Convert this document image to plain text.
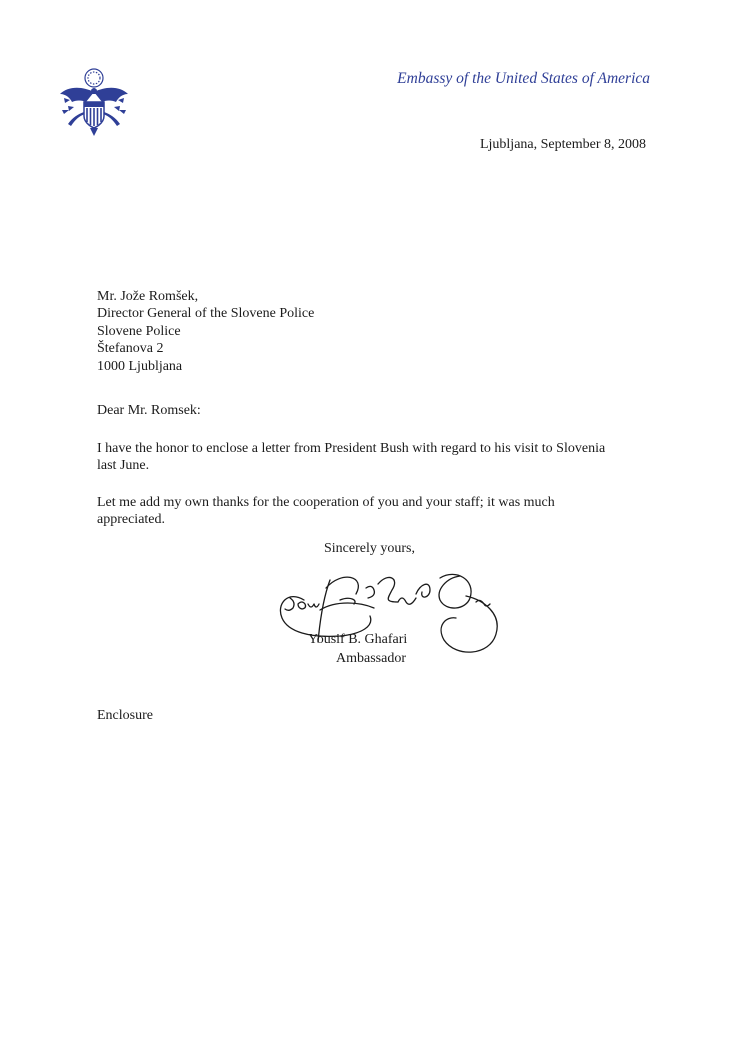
Embassy of the United States of America
Ljubljana, September 8, 2008
Mr. Jože Romšek,
Director General of the Slovene Police
Slovene Police
Štefanova 2
1000 Ljubljana
Dear Mr. Romsek:
I have the honor to enclose a letter from President Bush with regard to his visit to Slovenia last June.
Let me add my own thanks for the cooperation of you and your staff; it was much appreciated.
Sincerely yours,
Yousif B. Ghafari
Ambassador
Enclosure
